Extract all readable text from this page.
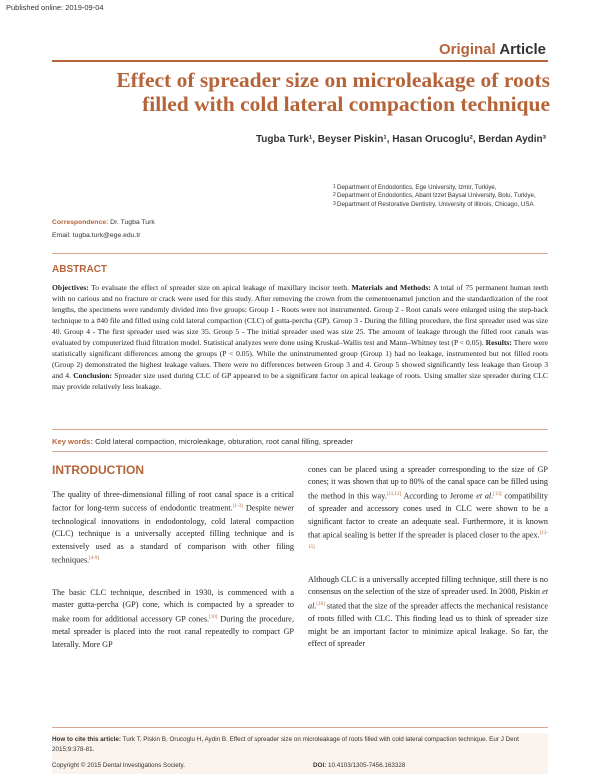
Published online: 2019-09-04
Original Article
Effect of spreader size on microleakage of roots
filled with cold lateral compaction technique
Tugba Turk¹, Beyser Piskin¹, Hasan Orucoglu², Berdan Aydin³

1 Department of Endodontics, Ege University, Izmir, Turkiye,

2 Department of Endodontics, Abant Izzet Baysal University, Bolu, Turkiye,

3 Department of Restorative Dentistry, University of Illinois, Chicago, USA

Correspondence: Dr. Tugba Turk
Email: tugba.turk@ege.edu.tr
ABSTRACT
Objectives: To evaluate the effect of spreader size on apical leakage of maxillary incisor teeth. Materials and Methods: A total of 75 permanent human teeth with no carious and no fracture or crack were used for this study. After removing the crown from the cementoenamel junction and the standardization of the root lengths, the specimens were randomly divided into five groups: Group 1 - Roots were not instrumented. Group 2 - Root canals were enlarged using the step-back technique to a #40 file and filled using cold lateral compaction (CLC) of gutta-percha (GP). Group 3 - During the filling procedure, the first spreader used was size 40. Group 4 - The first spreader used was size 35. Group 5 - The initial spreader used was size 25. The amount of leakage through the filled root canals was evaluated by computerized fluid filtration model. Statistical analyzes were done using Kruskal–Wallis test and Mann–Whitney test (P < 0.05). Results: There were statistically significant differences among the groups (P < 0.05). While the uninstrumented group (Group 1) had no leakage, instrumented but not filled roots (Group 2) demonstrated the highest leakage values. There were no differences between Group 3 and 4. Group 5 showed significantly less leakage than Group 3 and 4. Conclusion: Spreader size used during CLC of GP appeared to be a significant factor on apical leakage of roots. Using smaller size spreader during CLC may provide relatively less leakage.
Key words: Cold lateral compaction, microleakage, obturation, root canal filling, spreader
INTRODUCTION
The quality of three-dimensional filling of root canal space is a critical factor for long-term success of endodontic treatment.[1-3] Despite newer technological innovations in endodontology, cold lateral compaction (CLC) technique is a universally accepted filling technique and is extensively used as a standard of comparison with other filing techniques.[4-9]
The basic CLC technique, described in 1930, is commenced with a master gutta-percha (GP) cone, which is compacted by a spreader to make room for additional accessory GP cones.[10] During the procedure, metal spreader is placed into the root canal repeatedly to compact GP laterally. More GP
cones can be placed using a spreader corresponding to the size of GP cones; it was shown that up to 80% of the canal space can be filled using the method in this way.[11,12] According to Jerome et al.[13] compatibility of spreader and accessory cones used in CLC were shown to be a significant factor to create an adequate seal. Furthermore, it is known that apical sealing is better if the spreader is placed closer to the apex.[13-15]
Although CLC is a universally accepted filling technique, still there is no consensus on the selection of the size of spreader used. In 2008, Piskin et al.[16] stated that the size of the spreader affects the mechanical resistance of roots filled with CLC. This finding lead us to think of spreader size might be an important factor to minimize apical leakage. So far, the effect of spreader
How to cite this article: Turk T, Piskin B, Orucoglu H, Aydin B. Effect of spreader size on microleakage of roots filled with cold lateral compaction technique. Eur J Dent 2015;9:378-81.
Copyright © 2015 Dental Investigations Society.	DOI: 10.4103/1305-7456.163328
